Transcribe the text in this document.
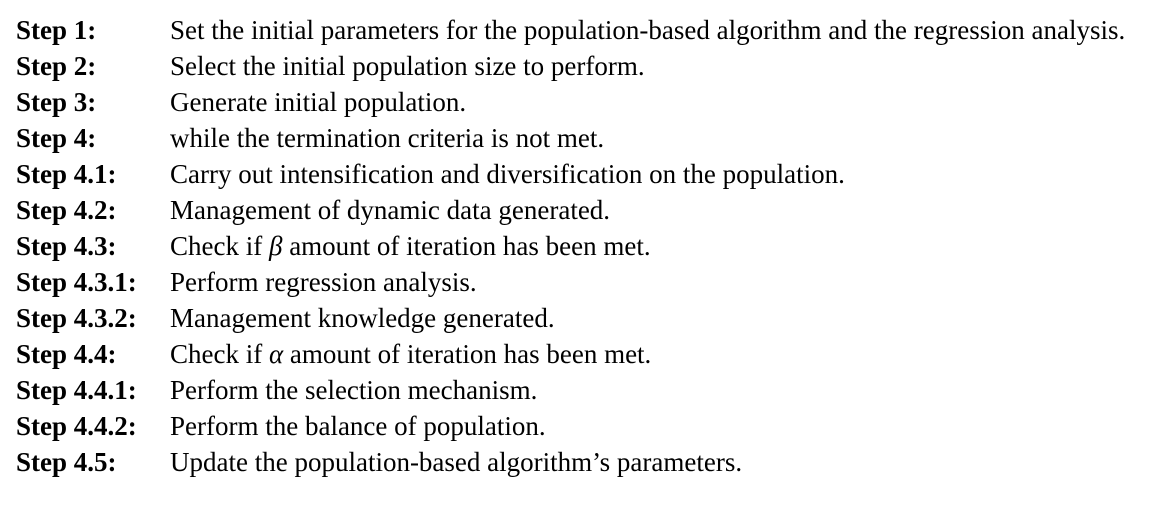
Step 1:	Set the initial parameters for the population-based algorithm and the regression analysis.
Step 2:	Select the initial population size to perform.
Step 3:	Generate initial population.
Step 4:	while the termination criteria is not met.
Step 4.1:	Carry out intensification and diversification on the population.
Step 4.2:	Management of dynamic data generated.
Step 4.3:	Check if β amount of iteration has been met.
Step 4.3.1:	Perform regression analysis.
Step 4.3.2:	Management knowledge generated.
Step 4.4:	Check if α amount of iteration has been met.
Step 4.4.1:	Perform the selection mechanism.
Step 4.4.2:	Perform the balance of population.
Step 4.5:	Update the population-based algorithm’s parameters.
